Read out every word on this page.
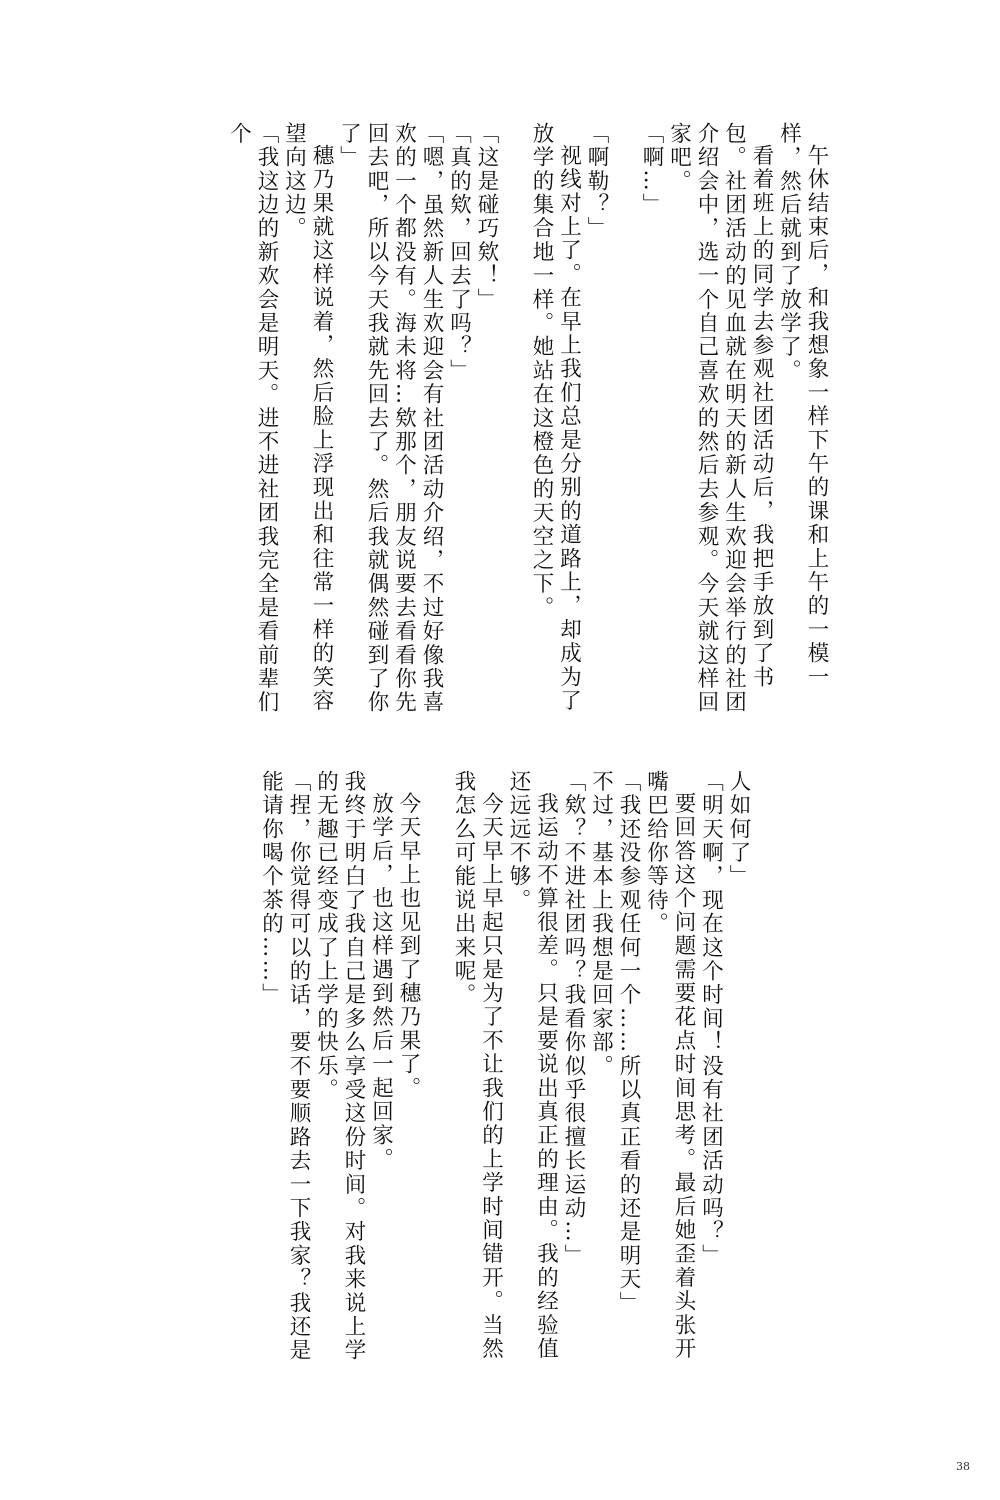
午休结束后，和我想象一样下午的课和上午的一模一样，然后就到了放学了。

看着班上的同学去参观社团活动后，我把手放到了书包。社团活动的见血就在明天的新人生欢迎会举行的社团介绍会中，选一个自己喜欢的然后去参观。今天就这样回家吧。

「啊…」

「啊勒？」

视线对上了。在早上我们总是分别的道路上，却成为了放学的集合地一样。她站在这橙色的天空之下。

「这是碰巧欸！」

「真的欸，回去了吗？」

「嗯，虽然新人生欢迎会有社团活动介绍，不过好像我喜欢的一个都没有。海未将…欸那个，朋友说要去看看你先回去吧，所以今天我就先回去了。然后我就偶然碰到了你了」

穗乃果就这样说着，然后脸上浮现出和往常一样的笑容望向这边。

「我这边的新欢会是明天。进不进社团我完全是看前辈们个

人如何了」

「明天啊，现在这个时间！没有社团活动吗？」

要回答这个问题需要花点时间思考。最后她歪着头张开嘴巴给你等待。

「我还没参观任何一个……所以真正看的还是明天」

不过，基本上我想是回家部。

「欸？不进社团吗？我看你似乎很擅长运动…」

我运动不算很差。只是要说出真正的理由。我的经验值还远远不够。

今天早上早起只是为了不让我们的上学时间错开。当然我怎么可能说出来呢。

今天早上也见到了穗乃果了。

放学后，也这样遇到然后一起回家。

我终于明白了我自己是多么享受这份时间。对我来说上学的无趣已经变成了上学的快乐。

「捏，你觉得可以的话，要不要顺路去一下我家？我还是能请你喝个茶的……」

38
